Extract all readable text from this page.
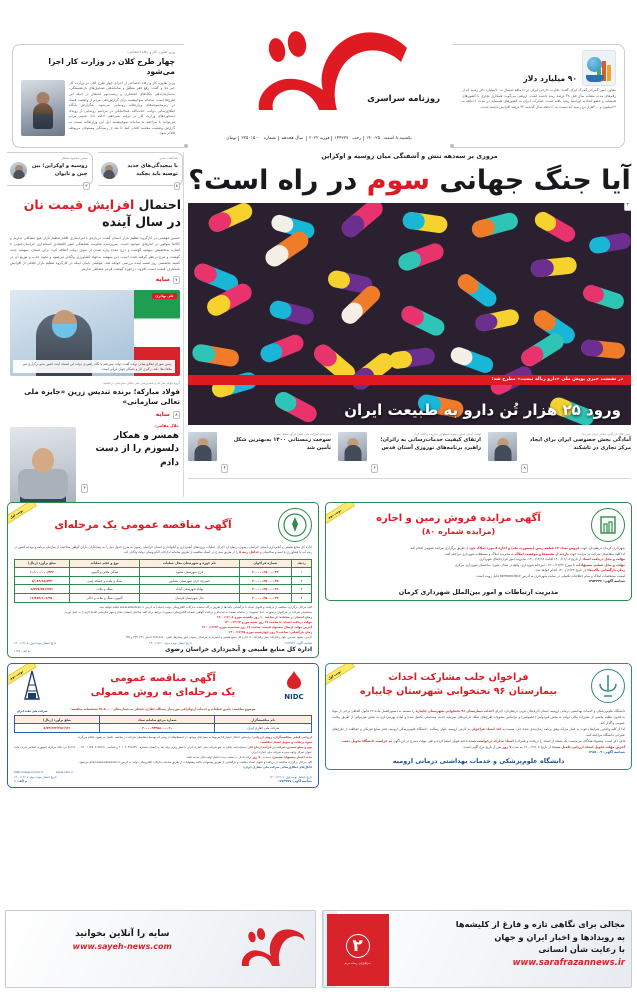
وزیر تعاون، کار و رفاه اجتماعی:
چهار طرح کلان در وزارت کار اجرا می‌شود
وزیر تعاون، کار و رفاه اجتماعی از اجرای چهار طرح کلان در وزارت کار خبر داد و گفت: رفع فقر مطلق و ساماندهی صندوق‌های بازنشستگی، به‌سازمان‌دهی بنگاه‌های انحصاری و زیست‌بوم اشتغال از جمله این طرح‌ها است. سامانه سوءپیشینه برای گزارش‌دهی مردم از وضعیت فساد در زیرمجموعه‌های وزارتخانه رونمایی می‌شود. به‌گزارش پایگاه اطلاع‌رسانی دولت، حجت‌الله عبدالملکی در مراسم رونمایی از رویداد دستاوردهای وزارت کار در دولت سیزدهم، ادامه داد: عموم مردم می‌توانند با مراجعه به سامانه سوءپیشینه ذیل این وزارتخانه نسبت به گزارش وضعیت مفاسد اقدام کنند تا بعد از رسیدگی مسئولان مربوطه اقدام شود.
روزنامه سراسری
یکشنبه ۸ اسفند ۱۴۰۰۲۵ رجب ۱۴۴۳۲۷ فوریه ۲۰۲۲سال هجدهمشماره ۲۲۵۰۱۵۰۰ تومان
۹۰ میلیارد دلار
معاون امور گمرکی گمرک ایران گفت: تجارت خارجی ایران در ۱۱ماهه امسال به ۹۰میلیارد دلار رسید که از رقم‌های مدت مشابه سال قبل ۳۸ درصد رشد داشته است. ارونقی می‌گوید: همکاری تجاری با کشورهای همسایه و عضو اتحادیه اوراسیا رشد یافته است. صادرات ایران به کشورهای همسایه در مدت ۱۱ماهه به ۲۶میلیون و ۲۰۰هزار تن رسید که نسبت به ۱۱ماهه سال گذشته ۳۲ درصد افزایش داشته است.
یادداشت مدیر
با پیچیدگی‌های جدید توصیه باید بچکید
۸
سخن محمود منتظر
روسیه و اوکراین؛ بین چین و تایوان
۳
احتمال افزایش قیمت نان
در سال آینده
حسین موهبتی در کارگروه تنظیم بازار استان گفت: درباره‌ی ذخیره‌سازی اقلام تنظیم بازار هیچ مشکلی نداریم و کالاها به‌وفور در انبارهای موجود است. سرپرست معاونت هماهنگی امور اقتصادی استانداری خراسان‌جنوبی با اشاره به‌تخصیص سهمیه گوشت و درج مجدد وارد شدن از سوی دولت اضافه کرد: برای استان، سهمیه جدید گوشت و مرغ درنظر گرفته شده است. این سهمیه به‌جهاد کشاورزی واگذار می‌شود و نحوه جذب و توزیع آن در کمیته تخصصی روز شنبه آینده بررسی خواهد شد. موهبتی بابیان اینکه در کارگروه تنظیم بازار خلافی از افزایش نامتعارف قیمت است، افزود: درحوزه گوشت قرمز مشکلی نداریم.
۷
سایه
علی بهادری
رئیس شورای اطلاع‌رسانی دولت گفت: دولت سیزدهم با نگاه راهبردی دولت این استیک آینده کشور به‌دو برگزاری میز ملاقات‌ها؛ نکته درگیری کار و نخبگان جوان ایرانی است.
گروه فولاد مبارکه و به‌مدیریش ملی تعالی سازمانی درخشید:
فولاد مبارکه؛ برنده تندیس زرین «جایزه ملی تعالی سازمانی»
۸
سایه
جلال مقامی:
همسر و همکار دلسوزم را از دست دادم
۳
مروری بر سه‌دهه تنش و آشفتگی میان روسیه و اوکراین
آیا جنگ جهانی سوم در راه است؟
۲
در نشست خبری پویش ملی «دارو زباله نیست» مطرح شد؛
ورود ۲۵ هزار تُن دارو به طبیعت ایران
رئیس اتاق بازرگانی، معادن ایران خبر داد:
آمادگی بخش خصوصی ایران برای ایجاد مرکز تجاری در تاشکند
۸
تولیت آستان قدس رضوی مسئولین مدیریت و تأکید کرد:
ارتقای کیفیت خدمات‌رسانی به زائران؛ راهبرد برنامه‌های نوروزی آستان قدس
۶
مدیرعامل شرکت ملی پخش فرآورده‌های نفتی:
سوخت زمستانی ۱۴۰۰ به‌بهترین شکل تأمین شد
۴
نوبت دوم	آگهی مزایده فروش زمین و اجاره
(مزایده شماره ۸۰)
شهرداری کرمان درنظردارد جهت فروش تعداد ۶۴ قطعه زمین (به‌صورت نقد) و اجاره ۵ مورد املاک خود از طریق برگزاری مزایده عمومی اقدام کند.
لذا کلیه متقاضیان شرکت در مزایده جهت بازدید از نقشه‌ها و موقعیت املاک به مدیریت املاک و مستغلات شهرداری مراجعه کنند.
مهلت و محل دریافت اسناد از تاریخ ۱۴۰۰/۱۲/۰۸ لغایت ۱۴۰۰/۱۲/۱۸- مدیریت امور قراردادهای شهرداری
مهلت و محل تسلیم پیشنهادات تا مورخ ۱۴۰۰/۱۲/۲۲- دبیرخانه شهرداری، واقع در میدان شورا، ساختمان شهرداری مرکزی
زمان بازگشایی پاکت‌ها: در تاریخ ۱۴۰۰/۱۲/۲۳ انجام خواهد شد.
لیست مشخصات املاک و سایر اطلاعات تکمیلی در سایت شهرداری به آدرس kermancity.ir قابل رویت است.
شناسه آگهی: ۱۲۵۲۳۴۲
مدیریت ارتباطات و امور بین‌الملل شهرداری کرمان
نوبت اول
آگهی مناقصه عمومی یک مرحله‌ای
اداره کل منابع طبیعی و آبخیزداری استان خراسان رضوی درنظردارد اجرای عملیات پروژه‌های آبخیزداری و آبخوانداری استان خراسان رضوی به شرح جدول ذیل را به پیمانکاران دارای گواهی صلاحیت از سازمان برنامه و بودجه کشور در رتبه آب یا کشاورزی یا ابنیه و ساختمان و حداقل رتبه ۵ را از طریق مندرج در اسناد مناقصه از طریق سامانه تدارکات الکترونیکی دولت واگذار کند.
ردیف	شماره فراخوان	نام حوزه و شهرستان محل عملیات	نوع و حجم عملیات	مبلغ برآورد (ریال)
۱	۲۰۰۰۰۰۳۵۰۰۰۰۳۴	فرخ شهرستان مشهد	سنگی ملاتی و گابیون	۱۰/۰۰۰/۰۰۰/۳۴۲
۲	۲۰۰۰۰۰۳۵۰۰۰۰۳۵	خمیرچه کران شهرستان نیشابور	سنگ و ملات و خشکه چینی	۵/۰۸۹/۶۸/۵۴۳
۳	۲۰۰۰۰۰۳۵۰۰۰۰۳۶	بهاباد شهرستان گناباد	سنگ و ملات	۵/۷۲۷/۵۷۱/۳۸۶
۴	۲۰۰۰۰۰۳۵۰۰۰۰۳۷	جنار شهرستان فریمان	گابیون، سنگ و ملات و خاکی	۱۴/۴۸۴/۶۰۹/۴۵۰
کلیه مراحل برگزاری مناقصه از دریافت و تحویل اسناد تا بازگشایی پاکت‌ها از طریق درگاه سامانه تدارکات الکترونیکی دولت (ستاد) به آدرس www.setadiran.ir انجام خواهد شد.
متقاضیان شرکت در فراخوان درصورت عدم عضویت در سامانه نسبت به ثبت‌نام و دریافت گواهی امضای الکترونیکی به‌صورت برخط برای کلیه صاحبان امضای مجاز و مهر سازمانی اقدام لازم را به عمل آورند.
زمان انتشار در سامانه: از ساعت ۱۰ روز یکشنبه مورخ ۱۴۰۰/۱۲/۰۸
مهلت دریافت اسناد: تا ساعت ۱۹ روز شنبه مورخ ۱۴۰۰/۱۲/۱۴
آخرین مهلت ارسال پیشنهاد قیمت: ساعت ۱۹ روز سه‌شنبه مورخ ۱۴۰۰/۱۲/۲۴
زمان بازگشایی: ساعت ۹ روز چهارشنبه مورخ ۱۴۰۰/۱۲/۲۵
آدرس: مشهد مقدس- بلوار وکیل‌آباد، نبش وکیل‌آباد ۲۰، اداره کل منابع طبیعی و آبخیزداری خراسان رضوی- امور پیمان‌ها، تلفن: ۳۸۶۸۶۸۸۰ داخلی ۲۴۱، ۲۴۹ و ۲۳۵
شناسه آگهی: ۱۲۸۲۷۴۶
تاریخ انتشار نوبت دوم: ۱۴۰۰/۱۲/۱۰
تاریخ انتشار نوبت اول: ۱۴۰۰/۱۲/۰۸
اداره کل منابع طبیعی و آبخیزداری خراسان رضوی
م الف: ۱۶۲۵
نوبت اول	فراخوان جلب مشارکت احداث
بیمارستان ۹۶ تختخوابی شهرستان چایپاره
دانشگاه علوم‌پزشکی و خدمات بهداشتی درمانی ارومیه، استان آذربایجان غربی درنظردارد اجرای احداث بیمارستان ۹۶ تختخوابی شهرستان چایپاره را مستند به دستورالعمل ماده ۲۷ قانون الحاقی برخی از مواد به قانون تنظیم بخشی از مقررات مالی دولت به بخش غیردولتی (خصوصی) و براساس مصوبات طرح‌های تملک دارایی‌های سرمایه جدید، نیمه‌تمام، تکمیل شده و آماده بهره‌برداری به بخش غیردولتی از طریق رقابت عمومی واگذار کند.
لذا از کلیه واجدین شرایط دعوت به عمل می‌آید وفق برنامه زمان‌بندی شده ذیل، نسبت به اخذ اسناد فراخوان به آدرس ارومیه، بلوار رسالت، دانشگاه علوم‌پزشکی ارومیه، دفتر منابع فیزیکی و حفاظت از طرح‌های عمرانی دانشگاه مراجعه کنند.
قابل ذکر است، پیشنهاددهندگان می‌بایست یک نسخه از اسناد را دریافت و همراه با اسناد مدارک درخواست شده با قید قبولی امضا کرده و طی مهلت مندرج در این آگهی به حراست دانشگاه تحویل دهند.
آخرین مهلت تحویل اسناد ارزیابی تکمیل شده: از تاریخ ۱۴۰۰/۱۲/۰۸ به مدت ۷ روز پس از تاریخ درج آگهی است.
شناسه آگهی: ۱۲۸۵۰۰۹
دانشگاه علوم‌پزشکی و خدمات بهداشتی درمانی ارومیه
نوبت دوم
NIDC
آگهی مناقصه عمومی
یک مرحله‌ای به روش معمولی
شرکت ملی نفت ایران	موضوع مناقصه: تأمین قطعات و خدمات ارتوگرافی موردنیاز دستگاه حفاری خشکی به شماره‌های ۰۰-۵۰-۹۶ مشخصات مناقصه:
نام مناقصه‌گزار	شماره مرجع سامانه ستاد	مبلغ برآورد (ریال)
شرکت ملی حفاری ایران	۲۰۰۰۰۹۳۴۵۸۰۰۰۰۲۰	۸/۷۴/۶۳۲/۳۸۶/۹۲۱
ارزیابی کیفی مناقصه‌گران، روش ارزیابی: براساس حداقل امتیاز ۶۵ مربوط به معیارهای موجود در استعلام‌های ارزیابی که توسط متقاضیان شرکت در مناقصه تکمیل می‌شود، انجام می‌گردد.
نحوه دریافت و تحویل اسناد مناقصه:
نوع و مبلغ تضمین شرکت در فرآیند ارجاع کار: ضمانت‌نامه بانکی به نفع شرکت ملی حفاری ایران یا فیش واریز وجه نقد به حساب شماره ۲۰۱۰۲۰۴۷۷۶۴۲۰ و شناسه ۳۸/۱۹۰۰۰۰۹۶۰۰۱۱۳۵۰۶۱۷۵۶/۸۰ نزد بانک مرکزی جمهوری اسلامی ایران تحت عنوان تمرکز وجوه سپرده شرکت ملی حفاری ایران
مدت اعتبار پیشنهاد/ تضمین: به‌مدت ۹۰ روز برای یک‌بار در سقف مدت اعتبار اولیه قابل تمدید باشد.
کلیه مراحل برگزاری مناقصه از دریافت و تحویل اسناد مناقصه و بازگشایی از طریق پیشنهادی پاکت پیشنهادات از طریق سامانه تدارکات الکترونیکی دولت به آدرس www.setadiran.ir انجام می‌شود.
کانال‌های اطلاع‌رسانی شرکت ملی حفاری ایران:
http://sapp.ir/nidc.ir	www.nidc.ir
تاریخ انتشار نوبت اول: ۱۴۰۰/۱۲/۰۷
تاریخ انتشار نوبت دوم: ۱۴۰۰/۱۲/۰۸
شناسه آگهی: ۱۲۸۴۹۹۹
م الف: ۱
۲
سرافرازان، رسانه مردم
مجالی برای نگاهی تازه و فارغ از کلیشه‌ها
به رویدادها و اخبار ایران و جهان
با رعایت شأن انسانی
www.sarafrazannews.ir
سایه را آنلاین بخوانید
www.sayeh-news.com
